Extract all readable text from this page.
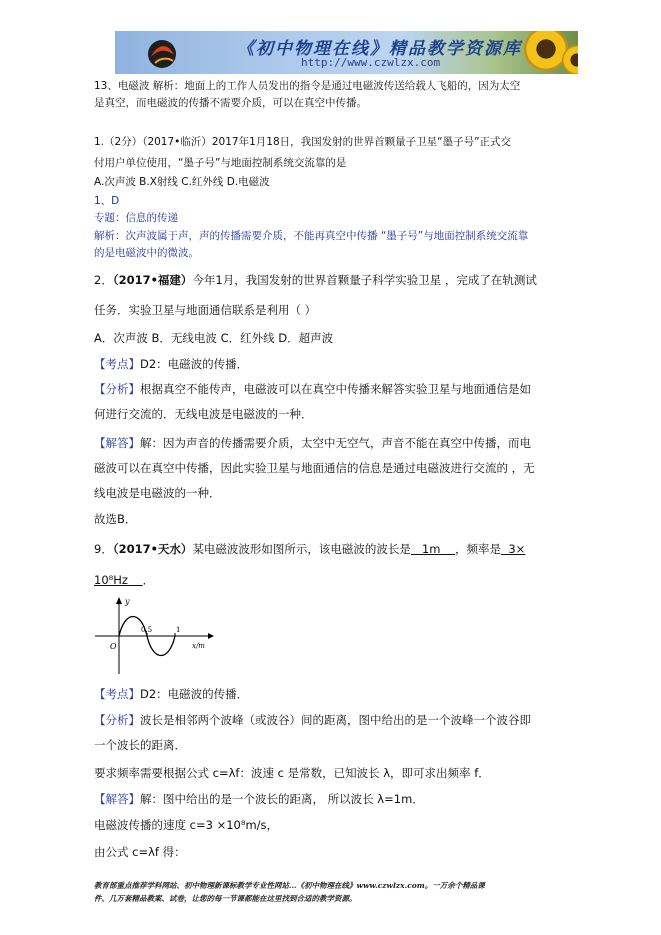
《初中物理在线》精品教学资源库
http://www.czwlzx.com
13、电磁波 解析：地面上的工作人员发出的指令是通过电磁波传送给载人飞船的，因为太空
是真空，而电磁波的传播不需要介质，可以在真空中传播。
1.（2分）（2017•临沂）2017年1月18日，我国发射的世界首颗量子卫星“墨子号”正式交
付用户单位使用，“墨子号”与地面控制系统交流靠的是
A.次声波 B.X射线 C.红外线 D.电磁波
1、D
专题：信息的传递
解析：次声波属于声，声的传播需要介质，不能再真空中传播 “墨子号”与地面控制系统交流靠
的是电磁波中的微波。
2．（2017•福建）今年1月，我国发射的世界首颗量子科学实验卫星 ，完成了在轨测试
任务．实验卫星与地面通信联系是利用（ ）
A．次声波 B．无线电波 C．红外线 D．超声波
【考点】D2：电磁波的传播．
【分析】根据真空不能传声，电磁波可以在真空中传播来解答实验卫星与地面通信是如
何进行交流的．无线电波是电磁波的一种．
【解答】解：因为声音的传播需要介质，太空中无空气，声音不能在真空中传播，而电
磁波可以在真空中传播，因此实验卫星与地面通信的信息是通过电磁波进行交流的 ，无
线电波是电磁波的一种．
故选B．
9．（2017•天水）某电磁波波形如图所示，该电磁波的波长是   1m    ，频率是  3×
10⁸Hz    ．
y
x/m
O
0.5	1
【考点】D2：电磁波的传播．
【分析】波长是相邻两个波峰（或波谷）间的距离，图中给出的是一个波峰一个波谷即
一个波长的距离．
要求频率需要根据公式 c=λf：波速 c 是常数，已知波长 λ，即可求出频率 f．
【解答】解：图中给出的是一个波长的距离， 所以波长 λ=1m．
电磁波传播的速度 c=3 ×10⁸m/s，
由公式 c=λf 得：
教育部重点推荐学科网站、初中物理新课标教学专业性网站…《初中物理在线》www.czwlzx.com。一万余个精品课
件、几万套精品教案、试卷，让您的每一节课都能在这里找到合适的教学资源。
